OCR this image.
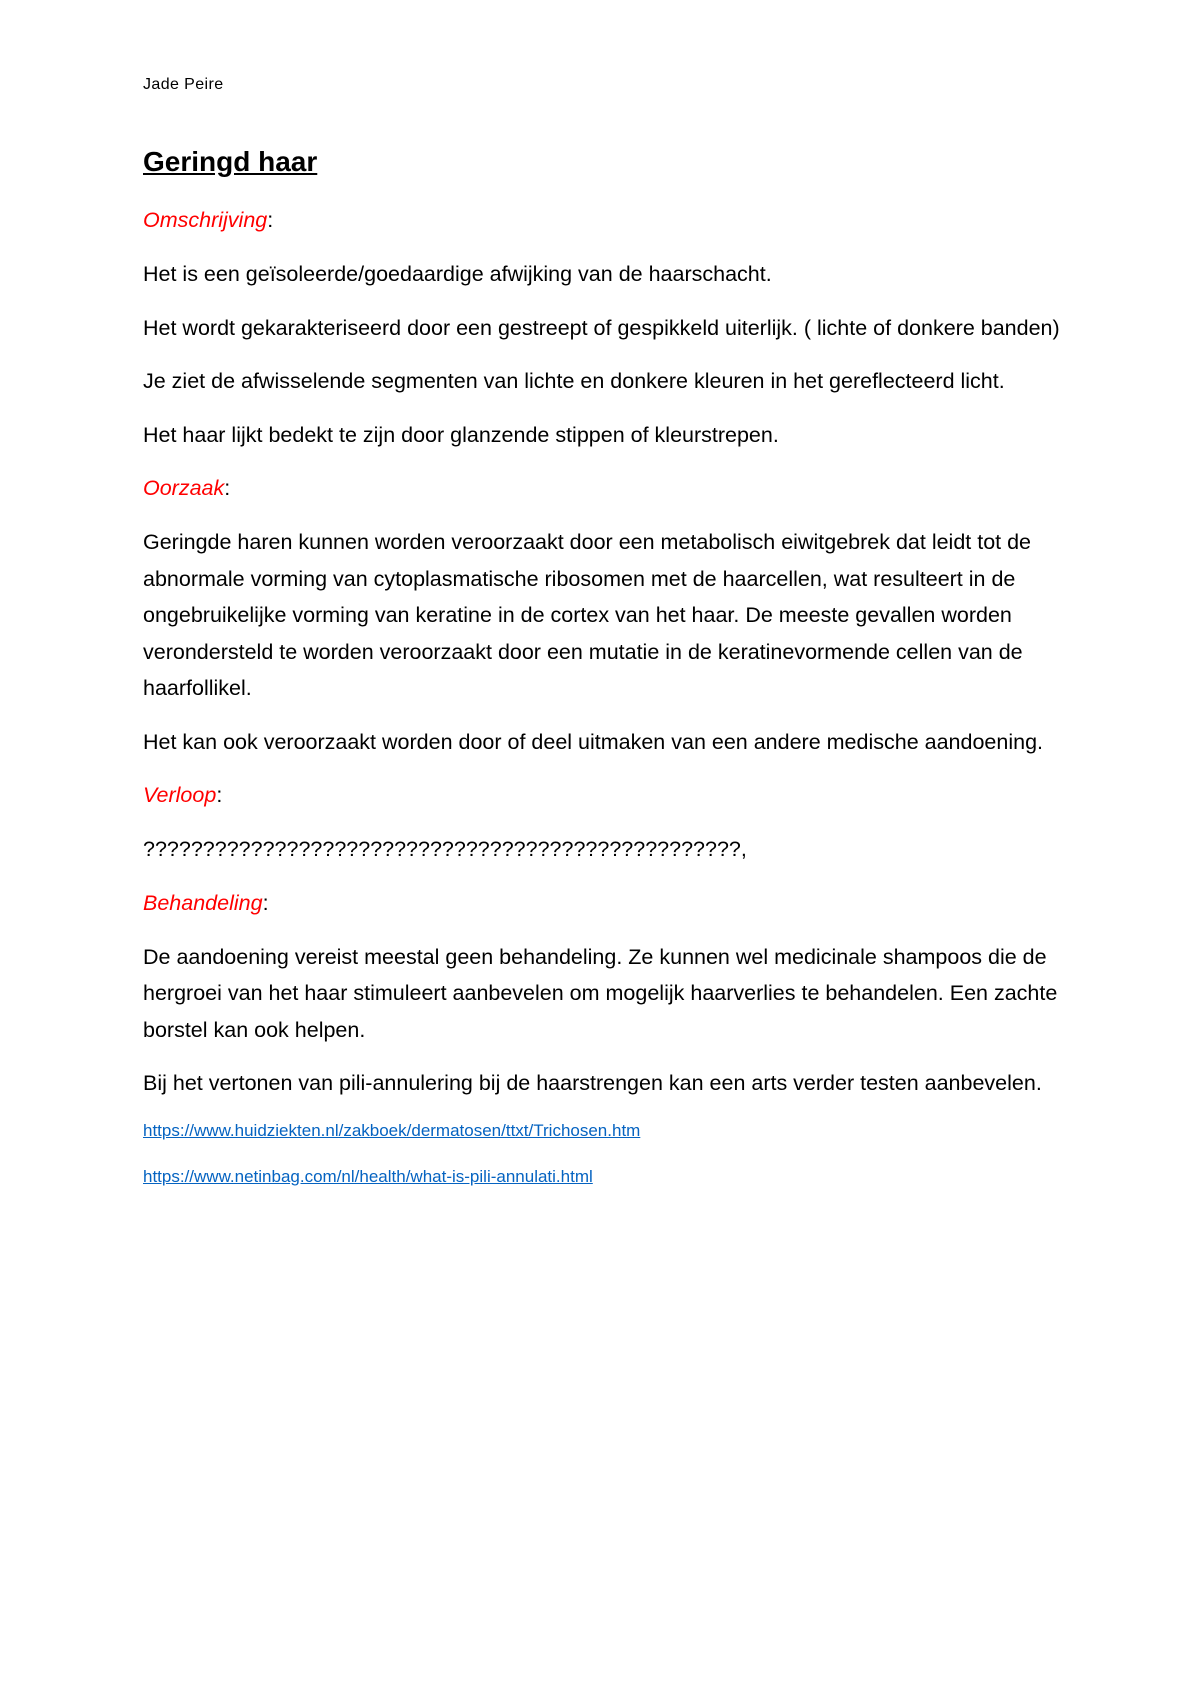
Jade Peire
Geringd haar
Omschrijving:

Het is een geïsoleerde/goedaardige afwijking van de haarschacht.

Het wordt gekarakteriseerd door een gestreept of gespikkeld uiterlijk. ( lichte of donkere banden)

Je ziet de afwisselende segmenten van lichte en donkere kleuren in het gereflecteerd licht.

Het haar lijkt bedekt te zijn door glanzende stippen of kleurstrepen.

Oorzaak:

Geringde haren kunnen worden veroorzaakt door een metabolisch eiwitgebrek dat leidt tot de abnormale vorming van cytoplasmatische ribosomen met de haarcellen, wat resulteert in de ongebruikelijke vorming van keratine in de cortex van het haar. De meeste gevallen worden verondersteld te worden veroorzaakt door een mutatie in de keratinevormende cellen van de haarfollikel.

Het kan ook veroorzaakt worden door of deel uitmaken van een andere medische aandoening.

Verloop:

??????????????????????????????????????????????????,

Behandeling:

De aandoening vereist meestal geen behandeling. Ze kunnen wel medicinale shampoos die de hergroei van het haar stimuleert aanbevelen om mogelijk haarverlies te behandelen. Een zachte borstel kan ook helpen.

Bij het vertonen van pili-annulering bij de haarstrengen kan een arts verder testen aanbevelen.

https://www.huidziekten.nl/zakboek/dermatosen/ttxt/Trichosen.htm
https://www.netinbag.com/nl/health/what-is-pili-annulati.html
